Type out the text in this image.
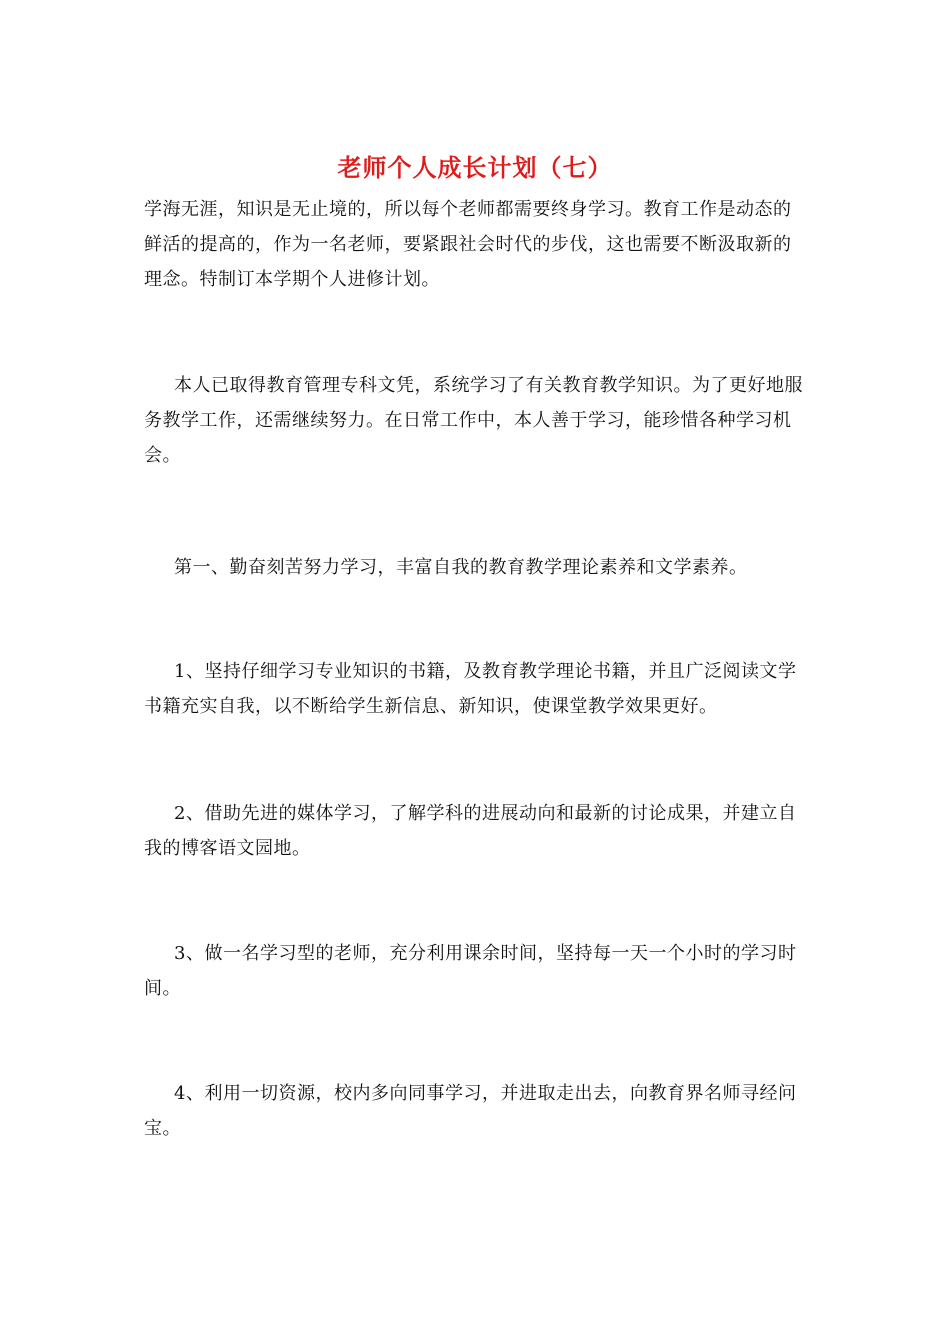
老师个人成长计划（七）

学海无涯，知识是无止境的，所以每个老师都需要终身学习。教育工作是动态的鲜活的提高的，作为一名老师，要紧跟社会时代的步伐，这也需要不断汲取新的理念。特制订本学期个人进修计划。

本人已取得教育管理专科文凭，系统学习了有关教育教学知识。为了更好地服务教学工作，还需继续努力。在日常工作中，本人善于学习，能珍惜各种学习机会。

第一、勤奋刻苦努力学习，丰富自我的教育教学理论素养和文学素养。

1、坚持仔细学习专业知识的书籍，及教育教学理论书籍，并且广泛阅读文学书籍充实自我，以不断给学生新信息、新知识，使课堂教学效果更好。

2、借助先进的媒体学习，了解学科的进展动向和最新的讨论成果，并建立自我的博客语文园地。

3、做一名学习型的老师，充分利用课余时间，坚持每一天一个小时的学习时间。

4、利用一切资源，校内多向同事学习，并进取走出去，向教育界名师寻经问宝。
